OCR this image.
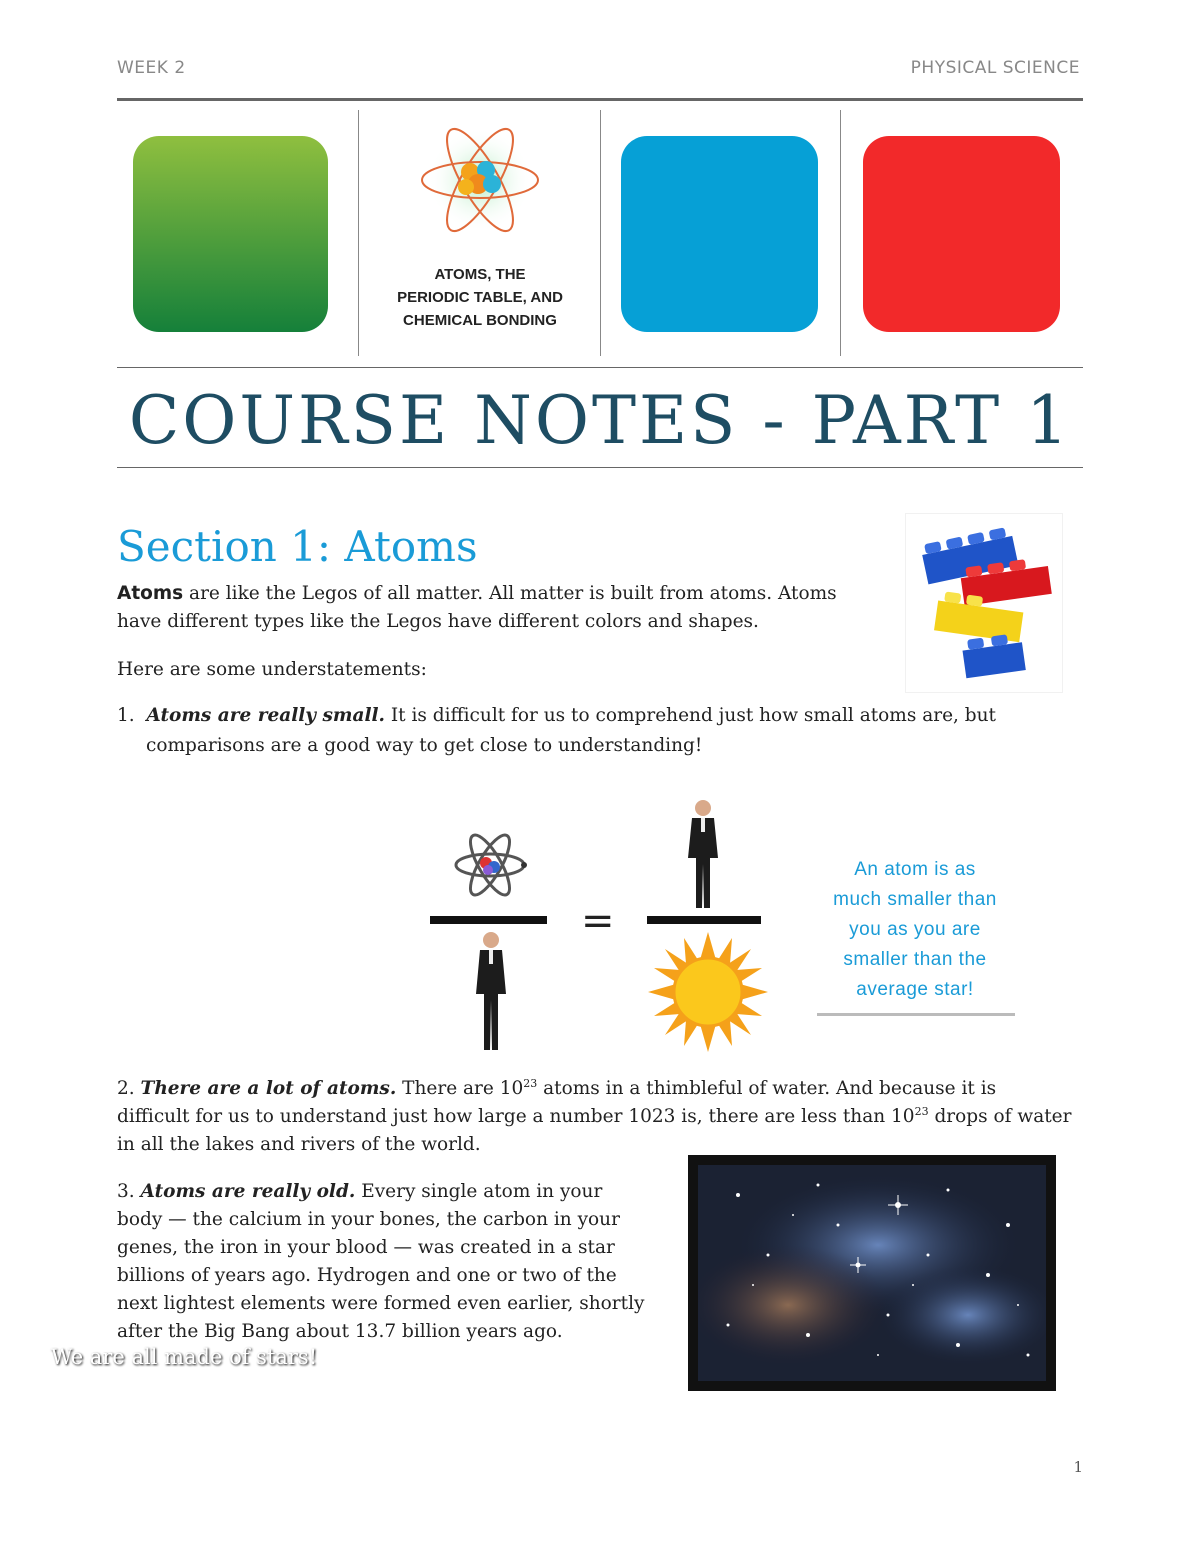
WEEK 2	PHYSICAL SCIENCE
ATOMS, THE
PERIODIC TABLE, AND
CHEMICAL BONDING
COURSE NOTES - PART 1
Section 1: Atoms
Atoms are like the Legos of all matter. All matter is built from atoms. Atoms
have different types like the Legos have different colors and shapes.
Here are some understatements:
1. Atoms are really small. It is difficult for us to comprehend just how small atoms are, but
comparisons are a good way to get close to understanding!
=
An atom is as
much smaller than
you as you are
smaller than the
average star!
2. There are a lot of atoms. There are $10^{23}$ atoms in a thimbleful of water. And because it is
difficult for us to understand just how large a number 1023 is, there are less than $10^{23}$ drops of water
in all the lakes and rivers of the world.
3. Atoms are really old. Every single atom in your
body — the calcium in your bones, the carbon in your
genes, the iron in your blood — was created in a star
billions of years ago. Hydrogen and one or two of the
next lightest elements were formed even earlier, shortly
after the Big Bang about 13.7 billion years ago.
We are all made of stars!
1
